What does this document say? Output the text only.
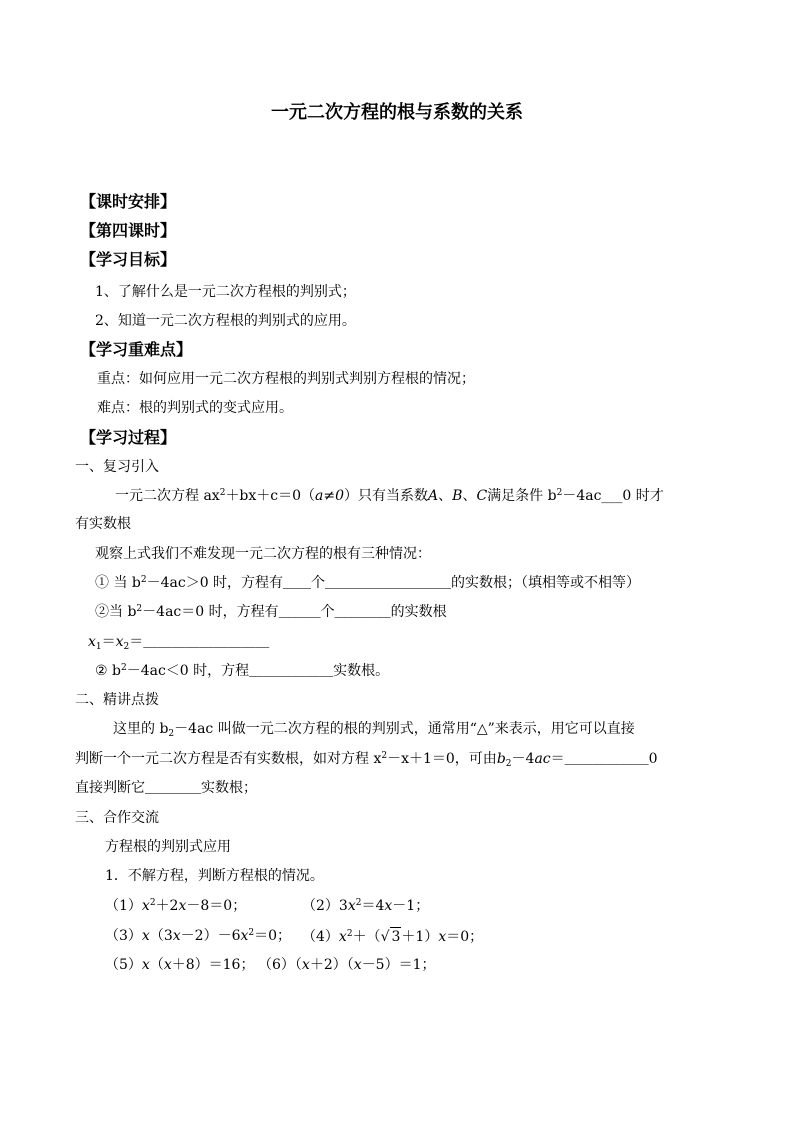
一元二次方程的根与系数的关系
【课时安排】
【第四课时】
【学习目标】
1、了解什么是一元二次方程根的判别式；
2、知道一元二次方程根的判别式的应用。
【学习重难点】
重点：如何应用一元二次方程根的判别式判别方程根的情况；
难点：根的判别式的变式应用。
【学习过程】
一、复习引入
一元二次方程 $ax^2+bx+c=0(a\ne 0)$只有当系数A、B、C满足条件 $b^2-4ac\_\_\_0$ 时才
有实数根
观察上式我们不难发现一元二次方程的根有三种情况：
① 当 $b^2-4ac>0$ 时，方程有＿＿个＿＿＿＿＿＿＿＿＿的实数根；（填相等或不相等）
②当 $b^2-4ac=0$ 时，方程有＿＿＿个＿＿＿＿的实数根
$x_1=x_2=\_\_\_\_\_\_\_\_\_$
② $b^2-4ac<0$ 时，方程＿＿＿＿＿＿实数根。
二、精讲点拨
这里的 $b_2-4ac$ 叫做一元二次方程的根的判别式，通常用“△”来表示，用它可以直接
判断一个一元二次方程是否有实数根，如对方程 $x^2-x+1=0$，可由$b_2-4ac=\_\_\_\_\_\_0$
直接判断它＿＿＿＿实数根；
三、合作交流
方程根的判别式应用
1．不解方程，判断方程根的情况。
$(1)x^2+2x-8=0$；	$(2)3x^2=4x-1$；
$(3)x(3x-2)-6x^2=0$； $(4)x^2+(√$ 3＋1）x＝0；
（5）x（x＋8）＝16； （6）（x＋2）（x－5）＝1；
